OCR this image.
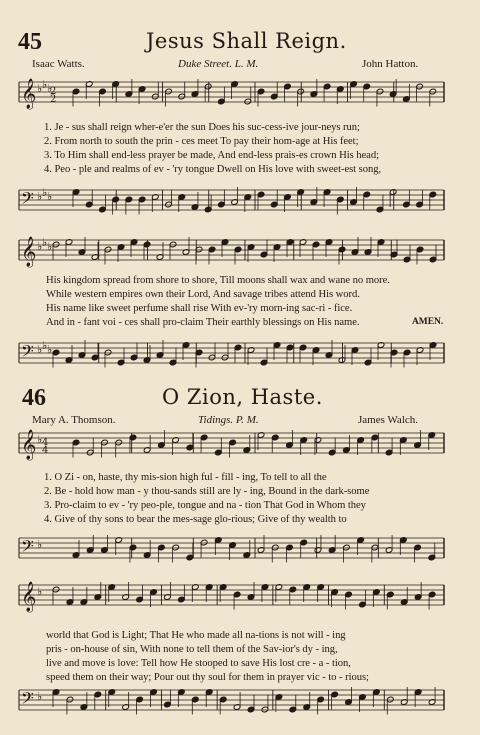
𝄞 ♭ ♭ ♭
𝄢 ♭ ♭ ♭
𝄞 ♭ ♭ ♭
𝄢 ♭ ♭ ♭
𝄞 ♭
𝄢 ♭
𝄞 ♭
𝄢 ♭
2
2
4
4
45	Jesus Shall Reign.
Isaac Watts.	Duke Street. L. M.	John Hatton.
1. Je - sus shall reign wher-e'er the sun Does his suc-cess-ive jour-neys run;
2. From north to south the prin - ces meet To pay their hom-age at His feet;
3. To Him shall end-less prayer be made, And end-less prais-es crown His head;
4. Peo - ple and realms of ev - 'ry tongue Dwell on His love with sweet-est song,
His kingdom spread from shore to shore, Till moons shall wax and wane no more.
While western empires own their Lord, And savage tribes attend His word.
His name like sweet perfume shall rise With ev-'ry morn-ing sac-ri - fice.
And in - fant voi - ces shall pro-claim Their earthly blessings on His name.	AMEN.
46	O Zion, Haste.
Mary A. Thomson.	Tidings. P. M.	James Walch.
1. O Zi - on, haste, thy mis-sion high ful - fill - ing, To tell to all the
2. Be - hold how man - y thou-sands still are ly - ing, Bound in the dark-some
3. Pro-claim to ev - 'ry peo-ple, tongue and na - tion That God in Whom they
4. Give of thy sons to bear the mes-sage glo-rious; Give of thy wealth to
world that God is Light; That He who made all na-tions is not will - ing
pris - on-house of sin, With none to tell them of the Sav-ior's dy - ing,
live and move is love: Tell how He stooped to save His lost cre - a - tion,
speed them on their way; Pour out thy soul for them in prayer vic - to - rious;
